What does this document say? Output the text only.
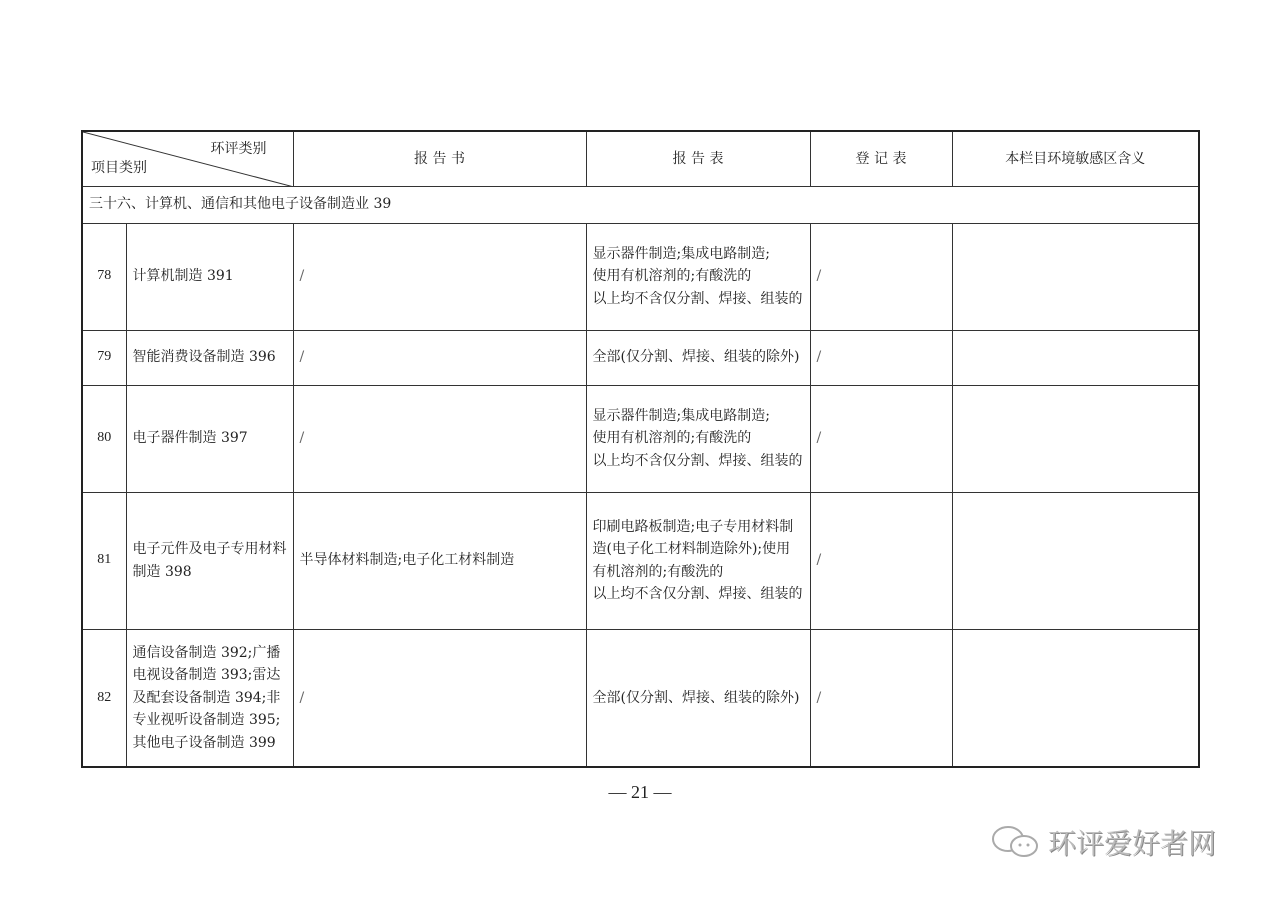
环评类别
项目类别		报 告 书	报 告 表	登 记 表	本栏目环境敏感区含义
三十六、计算机、通信和其他电子设备制造业 39					
78	计算机制造 391	/	显示器件制造;集成电路制造;
使用有机溶剂的;有酸洗的
以上均不含仅分割、焊接、组装的	/	
79	智能消费设备制造 396	/	全部(仅分割、焊接、组装的除外)	/	
80	电子器件制造 397	/	显示器件制造;集成电路制造;
使用有机溶剂的;有酸洗的
以上均不含仅分割、焊接、组装的	/	
81	电子元件及电子专用材料制造 398	半导体材料制造;电子化工材料制造	印刷电路板制造;电子专用材料制造(电子化工材料制造除外);使用有机溶剂的;有酸洗的
以上均不含仅分割、焊接、组装的	/	
82	通信设备制造 392;广播电视设备制造 393;雷达及配套设备制造 394;非专业视听设备制造 395;其他电子设备制造 399	/	全部(仅分割、焊接、组装的除外)	/	
— 21 —
环评爱好者网
